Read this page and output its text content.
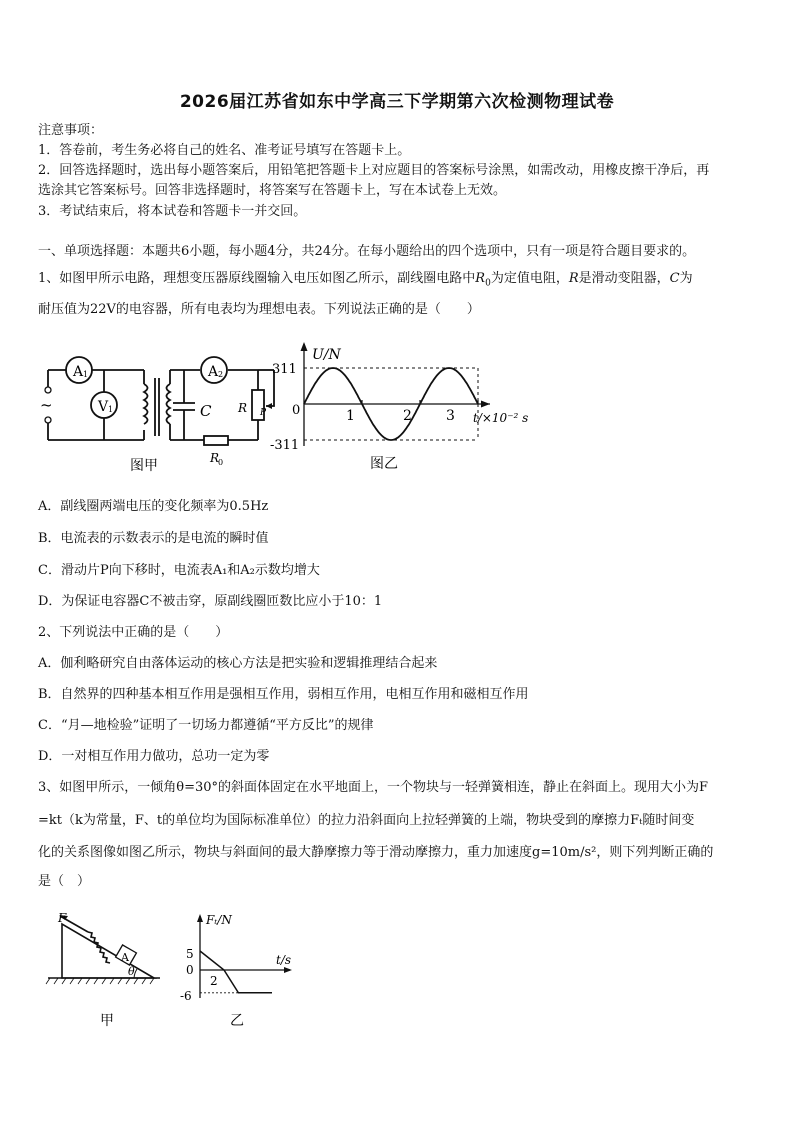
2026届江苏省如东中学高三下学期第六次检测物理试卷
注意事项：
1．答卷前，考生务必将自己的姓名、准考证号填写在答题卡上。
2．回答选择题时，选出每小题答案后，用铅笔把答题卡上对应题目的答案标号涂黑，如需改动，用橡皮擦干净后，再
选涂其它答案标号。回答非选择题时，将答案写在答题卡上，写在本试卷上无效。
3．考试结束后，将本试卷和答题卡一并交回。
一、单项选择题：本题共6小题，每小题4分，共24分。在每小题给出的四个选项中，只有一项是符合题目要求的。
1、如图甲所示电路，理想变压器原线圈输入电压如图乙所示，副线圈电路中$R_0$为定值电阻，R是滑动变阻器，C为
耐压值为22V的电容器，所有电表均为理想电表。下列说法正确的是（　　）
~
A 1
V 1
A 2
C R P
R
0
图甲
U/N
311
0
-311
1	2 3 t/×10⁻² s
图乙
A．副线圈两端电压的变化频率为0.5Hz
B．电流表的示数表示的是电流的瞬时值
C．滑动片P向下移时，电流表A₁和A₂示数均增大
D．为保证电容器C不被击穿，原副线圈匝数比应小于10：1
2、下列说法中正确的是（　　）
A．伽利略研究自由落体运动的核心方法是把实验和逻辑推理结合起来
B．自然界的四种基本相互作用是强相互作用，弱相互作用，电相互作用和磁相互作用
C．“月—地检验”证明了一切场力都遵循“平方反比”的规律
D．一对相互作用力做功，总功一定为零
3、如图甲所示，一倾角θ=30°的斜面体固定在水平地面上，一个物块与一轻弹簧相连，静止在斜面上。现用大小为F
=kt（k为常量，F、t的单位均为国际标准单位）的拉力沿斜面向上拉轻弹簧的上端，物块受到的摩擦力Fₜ随时间变
化的关系图像如图乙所示，物块与斜面间的最大静摩擦力等于滑动摩擦力，重力加速度g=10m/s²，则下列判断正确的
是（　）
F
A
θ
甲
Fₜ/N
5
0
-6
2
t/s
乙
